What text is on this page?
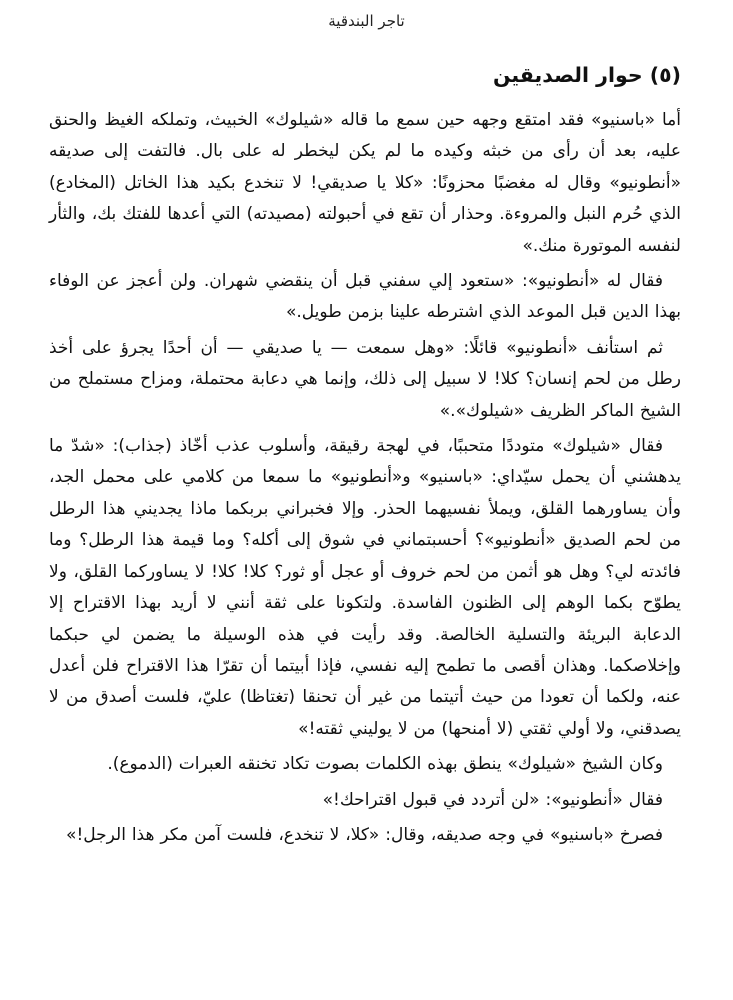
تاجر البندقية
(٥) حوار الصديقين

أما «باسنيو» فقد امتقع وجهه حين سمع ما قاله «شيلوك» الخبيث، وتملكه الغيظ والحنق عليه، بعد أن رأى من خبثه وكيده ما لم يكن ليخطر له على بال. فالتفت إلى صديقه «أنطونيو» وقال له مغضبًا محزونًا: «كلا يا صديقي! لا تنخدع بكيد هذا الخاتل (المخادع) الذي حُرم النبل والمروءة. وحذار أن تقع في أحبولته (مصيدته) التي أعدها للفتك بك، والثأر لنفسه الموتورة منك.»

فقال له «أنطونيو»: «ستعود إلي سفني قبل أن ينقضي شهران. ولن أعجز عن الوفاء بهذا الدين قبل الموعد الذي اشترطه علينا بزمن طويل.»

ثم استأنف «أنطونيو» قائلًا: «وهل سمعت — يا صديقي — أن أحدًا يجرؤ على أخذ رطل من لحم إنسان؟ كلا! لا سبيل إلى ذلك، وإنما هي دعابة محتملة، ومزاح مستملح من الشيخ الماكر الظريف «شيلوك».»

فقال «شيلوك» متوددًا متحببًا، في لهجة رقيقة، وأسلوب عذب أخّاذ (جذاب): «شدّ ما يدهشني أن يحمل سيّداي: «باسنيو» و«أنطونيو» ما سمعا من كلامي على محمل الجد، وأن يساورهما القلق، ويملأ نفسيهما الحذر. وإلا فخبراني بربكما ماذا يجديني هذا الرطل من لحم الصديق «أنطونيو»؟ أحسبتماني في شوق إلى أكله؟ وما قيمة هذا الرطل؟ وما فائدته لي؟ وهل هو أثمن من لحم خروف أو عجل أو ثور؟ كلا! كلا! لا يساوركما القلق، ولا يطوّح بكما الوهم إلى الظنون الفاسدة. ولتكونا على ثقة أنني لا أريد بهذا الاقتراح إلا الدعابة البريئة والتسلية الخالصة. وقد رأيت في هذه الوسيلة ما يضمن لي حبكما وإخلاصكما. وهذان أقصى ما تطمح إليه نفسي، فإذا أبيتما أن تقرّا هذا الاقتراح فلن أعدل عنه، ولكما أن تعودا من حيث أتيتما من غير أن تحنقا (تغتاظا) عليّ، فلست أصدق من لا يصدقني، ولا أولي ثقتي (لا أمنحها) من لا يوليني ثقته!»

وكان الشيخ «شيلوك» ينطق بهذه الكلمات بصوت تكاد تخنقه العبرات (الدموع).

فقال «أنطونيو»: «لن أتردد في قبول اقتراحك!»

فصرخ «باسنيو» في وجه صديقه، وقال: «كلا، لا تنخدع، فلست آمن مكر هذا الرجل!»
